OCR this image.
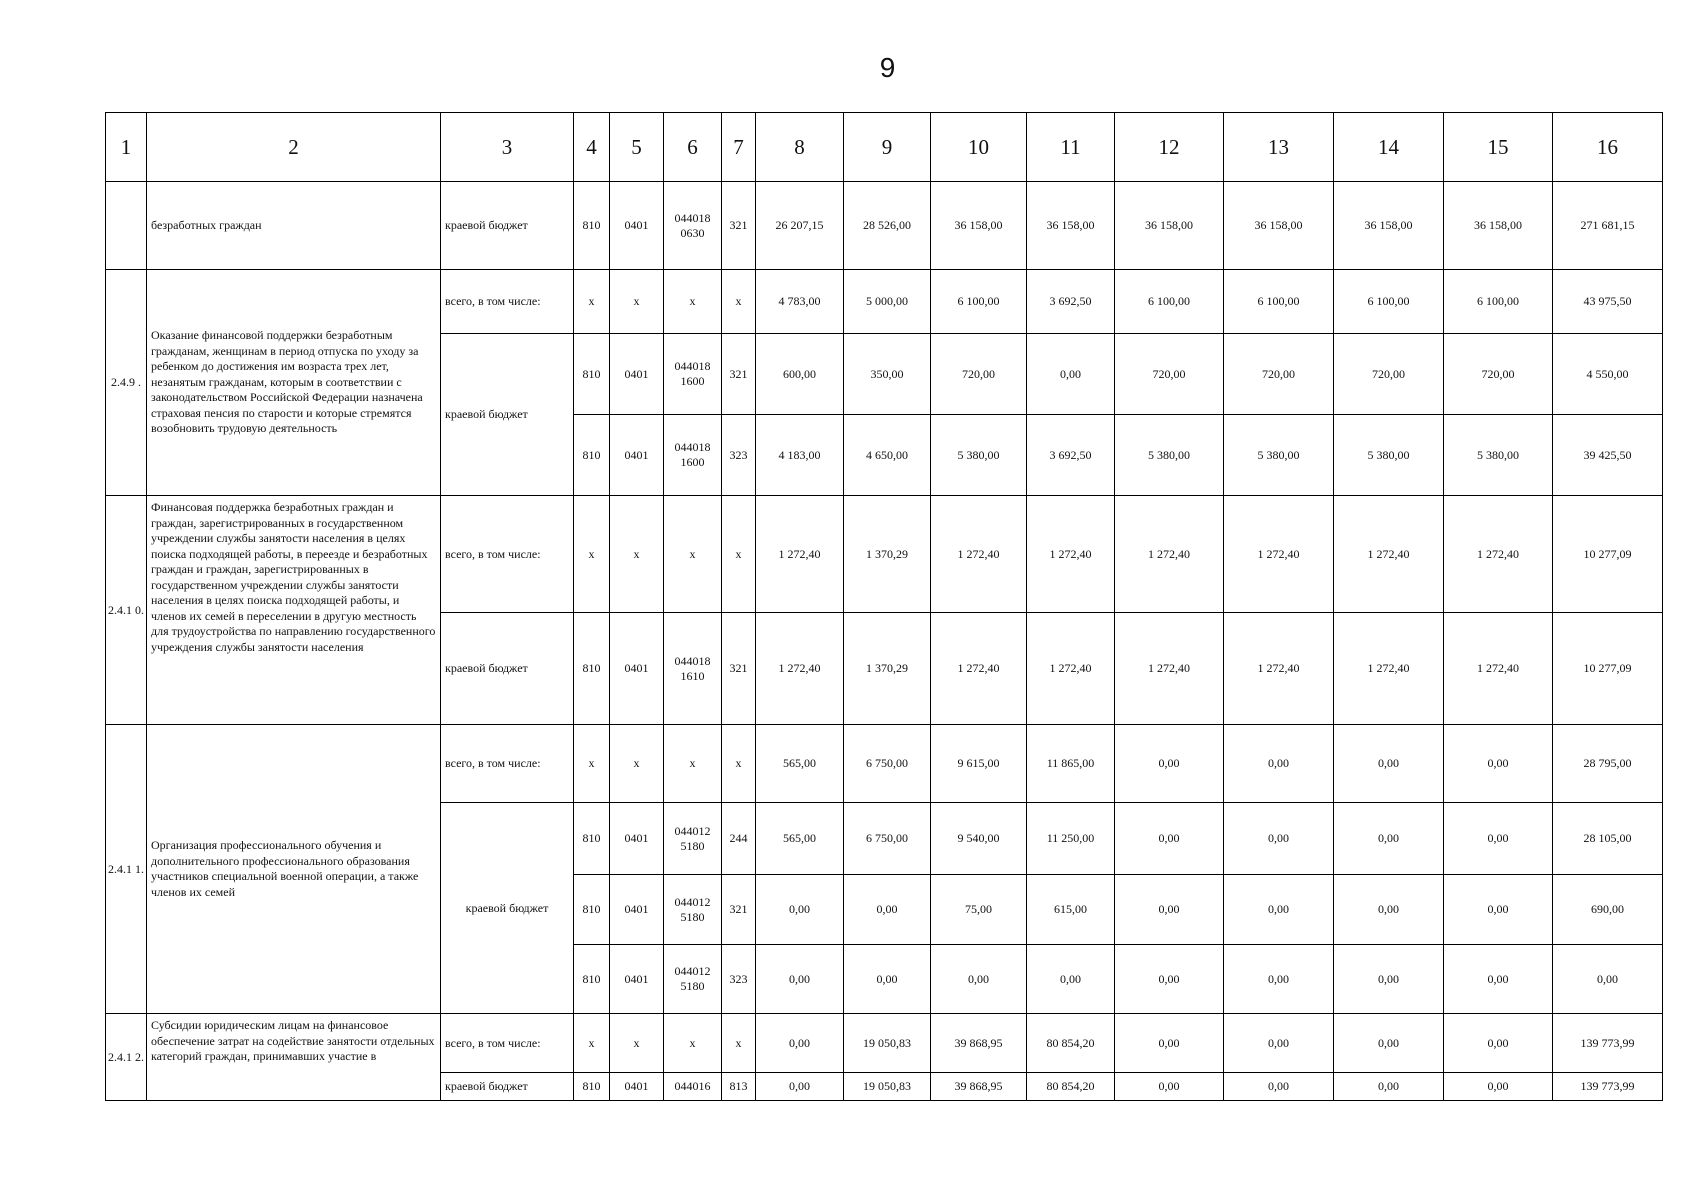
9
1	2	3	4	5	6	7	8	9	10	11	12	13	14	15	16
	безработных граждан	краевой бюджет	810	0401	044018 0630	321	26 207,15	28 526,00	36 158,00	36 158,00	36 158,00	36 158,00	36 158,00	36 158,00	271 681,15
2.4.9 .	Оказание финансовой поддержки безработным гражданам, женщинам в период отпуска по уходу за ребенком до достижения им возраста трех лет, незанятым гражданам, которым в соответствии с законодательством Российской Федерации назначена страховая пенсия по старости и которые стремятся возобновить трудовую деятельность	всего, в том числе:	х	х	х	х	4 783,00	5 000,00	6 100,00	3 692,50	6 100,00	6 100,00	6 100,00	6 100,00	43 975,50
		краевой бюджет	810	0401	044018 1600	321	600,00	350,00	720,00	0,00	720,00	720,00	720,00	720,00	4 550,00
			810	0401	044018 1600	323	4 183,00	4 650,00	5 380,00	3 692,50	5 380,00	5 380,00	5 380,00	5 380,00	39 425,50
2.4.1 0.	Финансовая поддержка безработных граждан и граждан, зарегистрированных в государственном учреждении службы занятости населения в целях поиска подходящей работы, в переезде и безработных граждан и граждан, зарегистрированных в государственном учреждении службы занятости населения в целях поиска подходящей работы, и членов их семей в переселении в другую местность для трудоустройства по направлению государственного учреждения службы занятости населения	всего, в том числе:	х	х	х	х	1 272,40	1 370,29	1 272,40	1 272,40	1 272,40	1 272,40	1 272,40	1 272,40	10 277,09
		краевой бюджет	810	0401	044018 1610	321	1 272,40	1 370,29	1 272,40	1 272,40	1 272,40	1 272,40	1 272,40	1 272,40	10 277,09
2.4.1 1.	Организация профессионального обучения и дополнительного профессионального образования участников специальной военной операции, а также членов их семей	всего, в том числе:	х	х	х	х	565,00	6 750,00	9 615,00	11 865,00	0,00	0,00	0,00	0,00	28 795,00
		краевой бюджет	810	0401	044012 5180	244	565,00	6 750,00	9 540,00	11 250,00	0,00	0,00	0,00	0,00	28 105,00
			810	0401	044012 5180	321	0,00	0,00	75,00	615,00	0,00	0,00	0,00	0,00	690,00
			810	0401	044012 5180	323	0,00	0,00	0,00	0,00	0,00	0,00	0,00	0,00	0,00
2.4.1 2.	Субсидии юридическим лицам на финансовое обеспечение затрат на содействие занятости отдельных категорий граждан, принимавших участие в	всего, в том числе:	х	х	х	х	0,00	19 050,83	39 868,95	80 854,20	0,00	0,00	0,00	0,00	139 773,99
		краевой бюджет	810	0401	044016	813	0,00	19 050,83	39 868,95	80 854,20	0,00	0,00	0,00	0,00	139 773,99
